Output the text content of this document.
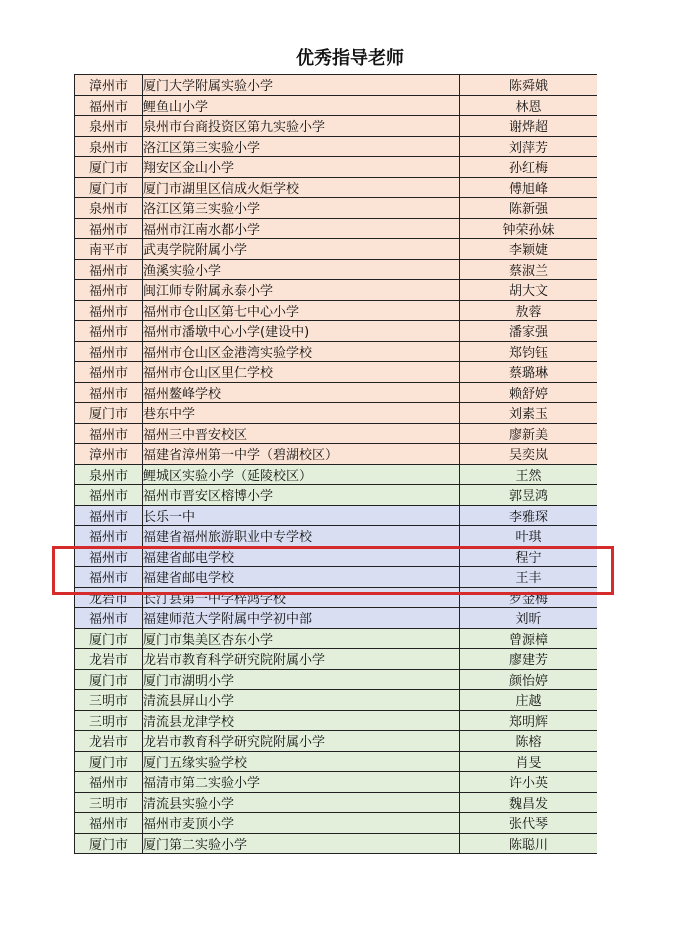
优秀指导老师
漳州市	厦门大学附属实验小学	陈舜娥
福州市	鲤鱼山小学	林恩
泉州市	泉州市台商投资区第九实验小学	谢烨超
泉州市	洛江区第三实验小学	刘萍芳
厦门市	翔安区金山小学	孙红梅
厦门市	厦门市湖里区信成火炬学校	傅旭峰
泉州市	洛江区第三实验小学	陈新强
福州市	福州市江南水都小学	钟荣孙妹
南平市	武夷学院附属小学	李颖婕
福州市	渔溪实验小学	蔡淑兰
福州市	闽江师专附属永泰小学	胡大文
福州市	福州市仓山区第七中心小学	敖蓉
福州市	福州市潘墩中心小学(建设中)	潘家强
福州市	福州市仓山区金港湾实验学校	郑钧钰
福州市	福州市仓山区里仁学校	蔡璐琳
福州市	福州鳌峰学校	赖舒婷
厦门市	巷东中学	刘素玉
福州市	福州三中晋安校区	廖新美
漳州市	福建省漳州第一中学（碧湖校区）	吴奕岚
泉州市	鲤城区实验小学（延陵校区）	王然
福州市	福州市晋安区榕博小学	郭昱鸿
福州市	长乐一中	李雅琛
福州市	福建省福州旅游职业中专学校	叶琪
福州市	福建省邮电学校	程宁
福州市	福建省邮电学校	王丰
龙岩市	长汀县第一中学梓鸿学校	罗金梅
福州市	福建师范大学附属中学初中部	刘昕
厦门市	厦门市集美区杏东小学	曾源樟
龙岩市	龙岩市教育科学研究院附属小学	廖建芳
厦门市	厦门市湖明小学	颜怡婷
三明市	清流县屏山小学	庄越
三明市	清流县龙津学校	郑明辉
龙岩市	龙岩市教育科学研究院附属小学	陈榕
厦门市	厦门五缘实验学校	肖旻
福州市	福清市第二实验小学	许小英
三明市	清流县实验小学	魏昌发
福州市	福州市麦顶小学	张代琴
厦门市	厦门第二实验小学	陈聪川
